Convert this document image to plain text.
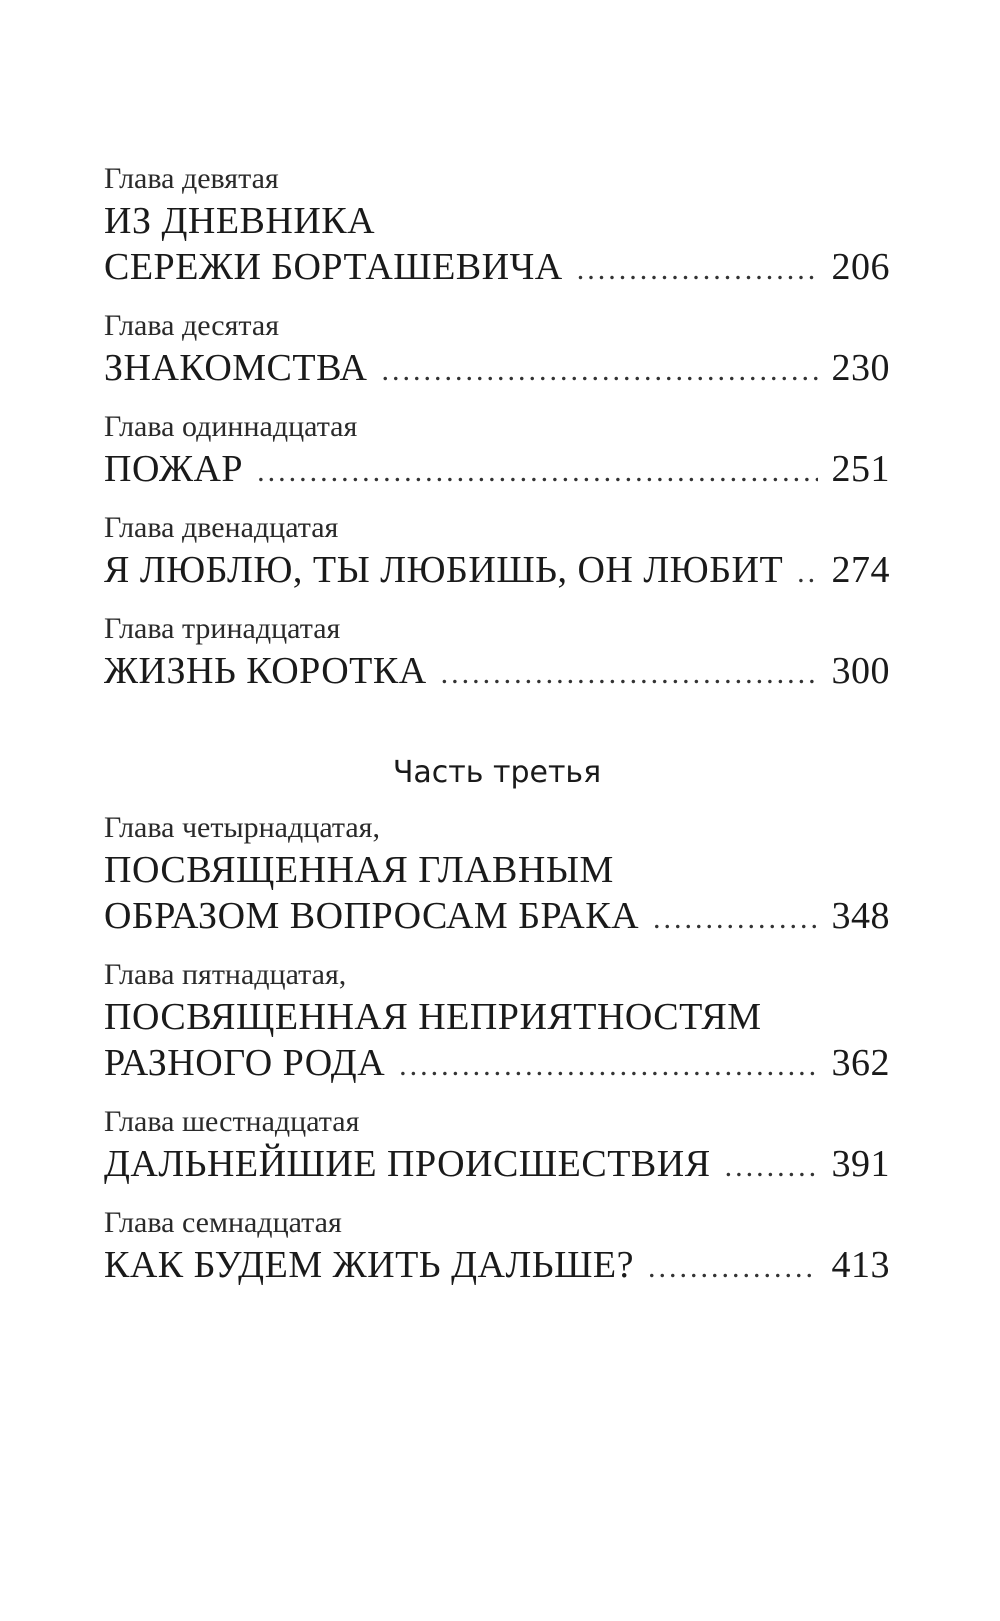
Глава девятая
ИЗ ДНЕВНИКА
СЕРЕЖИ БОРТАШЕВИЧА .....	206
Глава десятая
ЗНАКОМСТВА .....	230
Глава одиннадцатая
ПОЖАР .....	251
Глава двенадцатая
Я ЛЮБЛЮ, ТЫ ЛЮБИШЬ, ОН ЛЮБИТ ..... 274
Глава тринадцатая
ЖИЗНЬ КОРОТКА .....	300
Часть третья
Глава четырнадцатая,
ПОСВЯЩЕННАЯ ГЛАВНЫМ
ОБРАЗОМ ВОПРОСАМ БРАКА .....	348
Глава пятнадцатая,
ПОСВЯЩЕННАЯ НЕПРИЯТНОСТЯМ
РАЗНОГО РОДА .....	362
Глава шестнадцатая
ДАЛЬНЕЙШИЕ ПРОИСШЕСТВИЯ .....	391
Глава семнадцатая
КАК БУДЕМ ЖИТЬ ДАЛЬШЕ? .....	413
